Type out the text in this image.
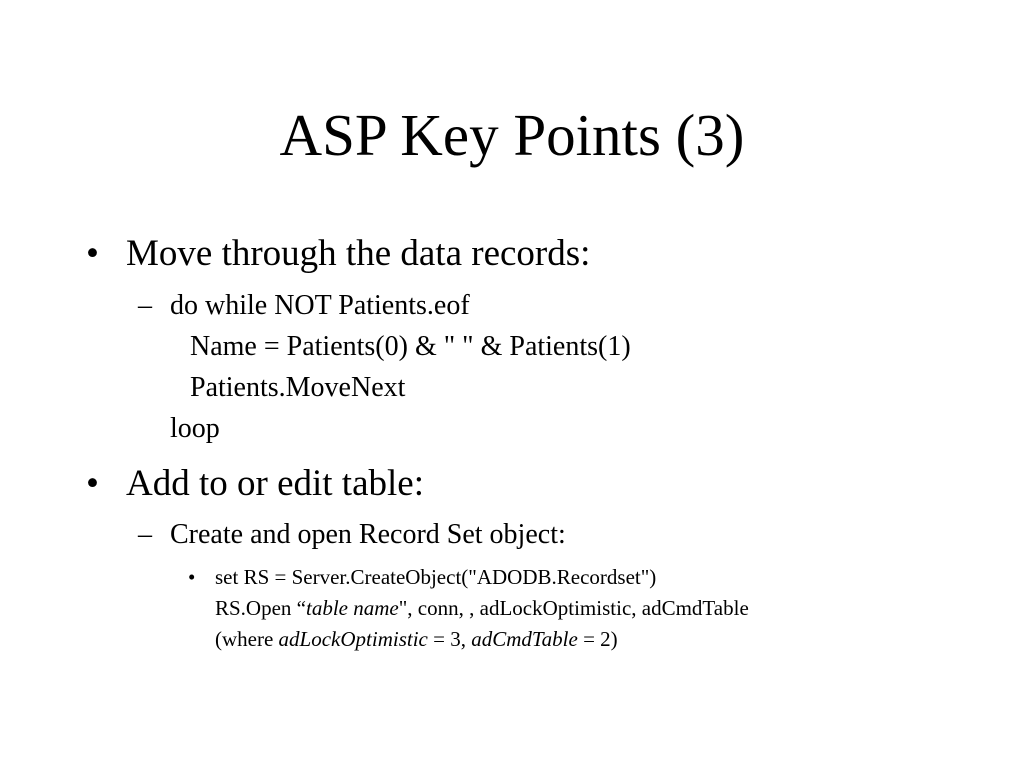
ASP Key Points (3)
• Move through the data records:
– do while NOT Patients.eof
Name = Patients(0) & " " & Patients(1)
Patients.MoveNext
loop
• Add to or edit table:
– Create and open Record Set object:
• set RS = Server.CreateObject("ADODB.Recordset")
RS.Open “table name", conn, , adLockOptimistic, adCmdTable
(where adLockOptimistic = 3, adCmdTable = 2)
